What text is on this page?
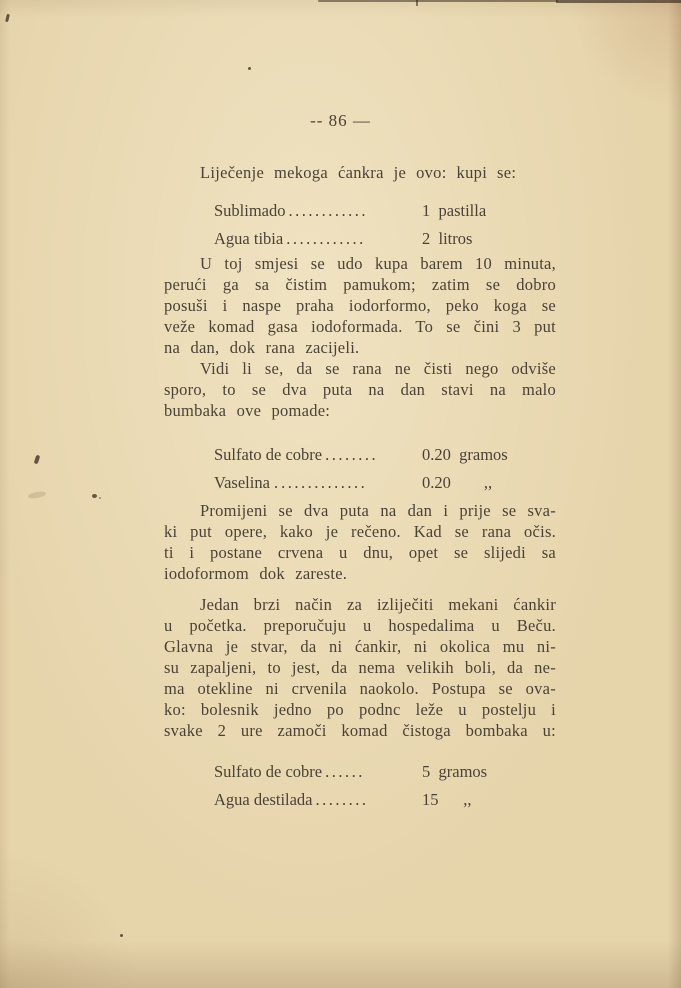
-- 86 —
Liječenje mekoga ćankra je ovo: kupi se:
U toj smjesi se udo kupa barem 10 minuta,
perući ga sa čistim pamukom; zatim se dobro
posuši i naspe praha iodorformo, peko koga se
veže komad gasa iodoformada. To se čini 3 put
na dan, dok rana zacijeli.
Vidi li se, da se rana ne čisti nego odviše
sporo, to se dva puta na dan stavi na malo
bumbaka ove pomade:
Promijeni se dva puta na dan i prije se sva-
ki put opere, kako je rečeno. Kad se rana očis.
ti i postane crvena u dnu, opet se slijedi sa
iodoformom dok zareste.
Jedan brzi način za izliječiti mekani ćankir
u početka. preporučuju u hospedalima u Beču.
Glavna je stvar, da ni ćankir, ni okolica mu ni-
su zapaljeni, to jest, da nema velikih boli, da ne-
ma otekline ni crvenila naokolo. Postupa se ova-
ko: bolesnik jedno po podnc leže u postelju i
svake 2 ure zamoči komad čistoga bombaka u:
Sublimado ............	1 pastilla
Agua tibia ............	2 litros
Sulfato de cobre ........	0.20 gramos
Vaselina . .............	0.20   ,,
Sulfato de cobre ......	5 gramos
Agua destilada ........	15  ,,
